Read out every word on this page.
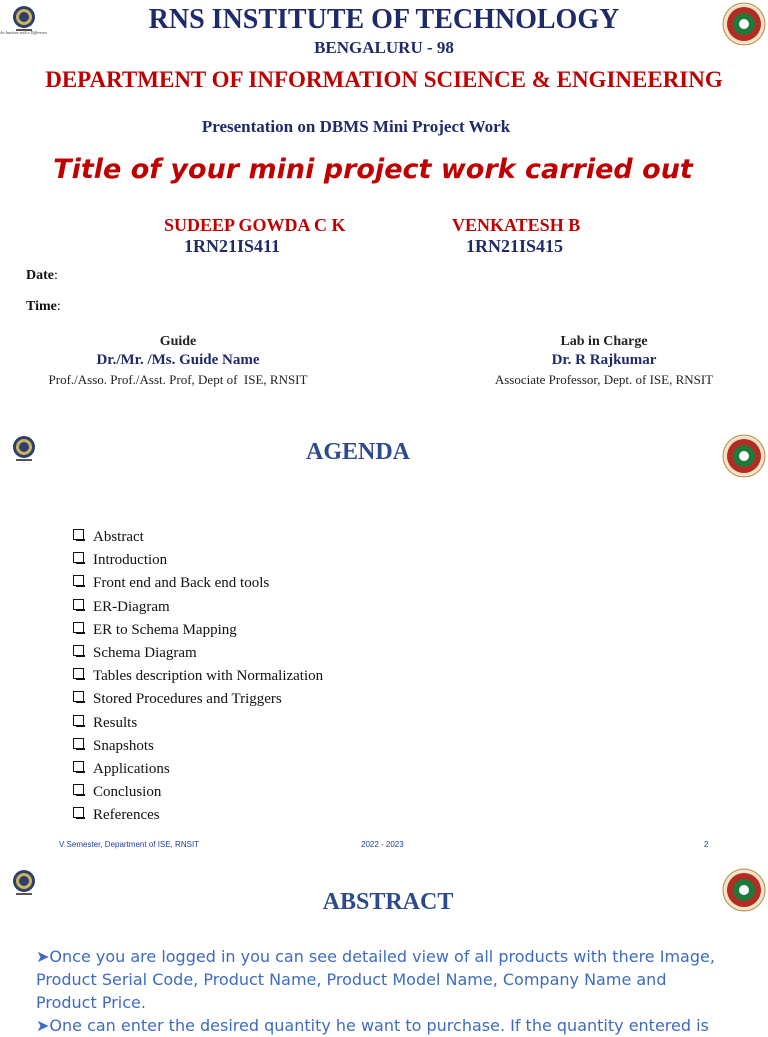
An Institute with a Difference	RNS INSTITUTE OF TECHNOLOGY
BENGALURU - 98
DEPARTMENT OF INFORMATION SCIENCE & ENGINEERING
Presentation on DBMS Mini Project Work
Title of your mini project work carried out
SUDEEP GOWDA C K
1RN21IS411
VENKATESH B
1RN21IS415
Date:
Time:
Guide
Dr./Mr. /Ms. Guide Name
Prof./Asso. Prof./Asst. Prof, Dept of  ISE, RNSIT
Lab in Charge
Dr. R Rajkumar
Associate Professor, Dept. of ISE, RNSIT
AGENDA
Abstract
Introduction
Front end and Back end tools
ER-Diagram
ER to Schema Mapping
Schema Diagram
Tables description with Normalization
Stored Procedures and Triggers
Results
Snapshots
Applications
Conclusion
References
V Semester, Department of ISE, RNSIT	2022 - 2023	2
ABSTRACT
➤Once you are logged in you can see detailed view of all products with there Image, Product Serial Code, Product Name, Product Model Name, Company Name and Product Price.
➤One can enter the desired quantity he want to purchase. If the quantity entered is
